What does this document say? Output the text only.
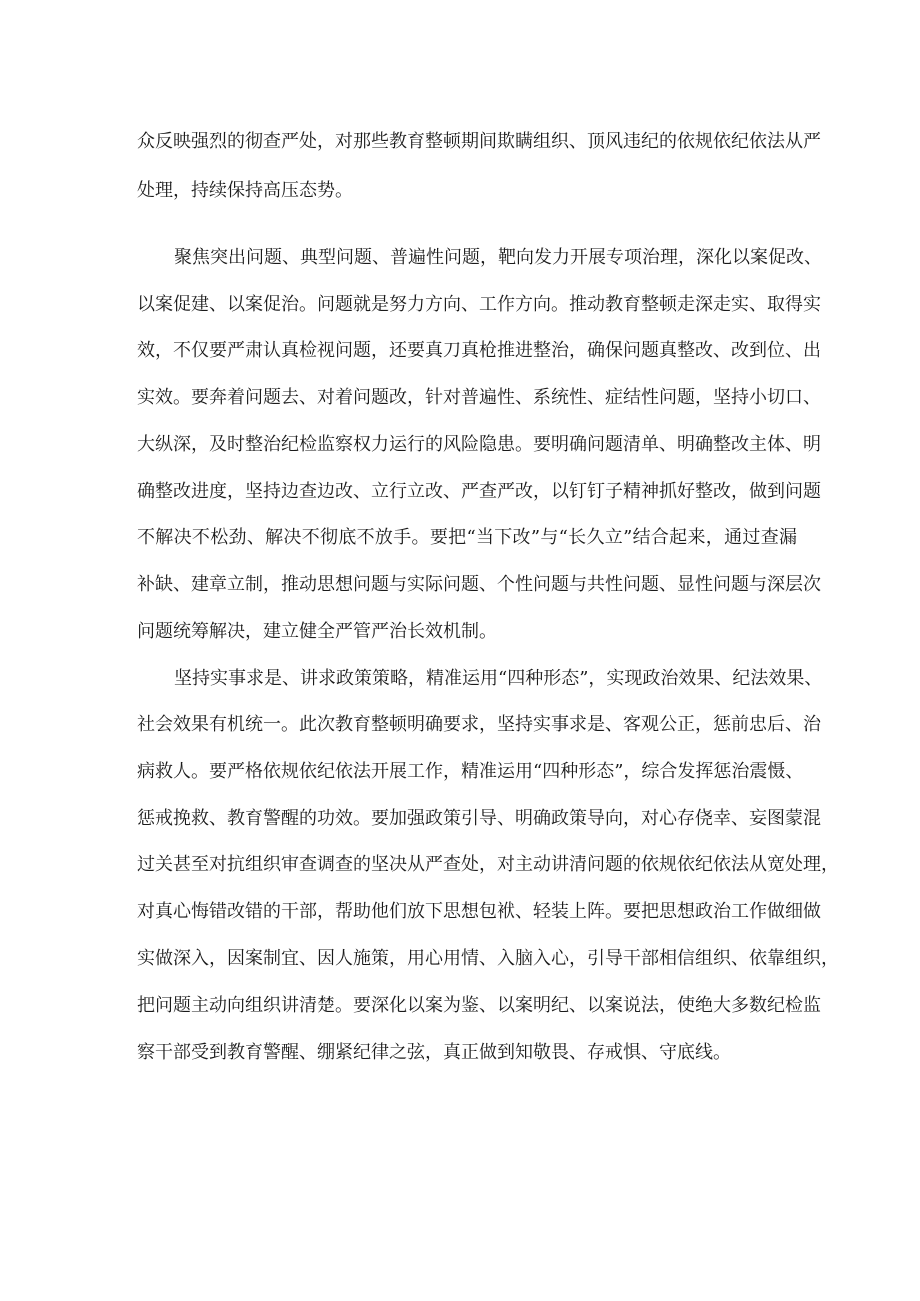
众反映强烈的彻查严处，对那些教育整顿期间欺瞒组织、顶风违纪的依规依纪依法从严
处理，持续保持高压态势。
聚焦突出问题、典型问题、普遍性问题，靶向发力开展专项治理，深化以案促改、
以案促建、以案促治。问题就是努力方向、工作方向。推动教育整顿走深走实、取得实
效，不仅要严肃认真检视问题，还要真刀真枪推进整治，确保问题真整改、改到位、出
实效。要奔着问题去、对着问题改，针对普遍性、系统性、症结性问题，坚持小切口、
大纵深，及时整治纪检监察权力运行的风险隐患。要明确问题清单、明确整改主体、明
确整改进度，坚持边查边改、立行立改、严查严改，以钉钉子精神抓好整改，做到问题
不解决不松劲、解决不彻底不放手。要把“当下改”与“长久立”结合起来，通过查漏
补缺、建章立制，推动思想问题与实际问题、个性问题与共性问题、显性问题与深层次
问题统筹解决，建立健全严管严治长效机制。
坚持实事求是、讲求政策策略，精准运用“四种形态”，实现政治效果、纪法效果、
社会效果有机统一。此次教育整顿明确要求，坚持实事求是、客观公正，惩前忠后、治
病救人。要严格依规依纪依法开展工作，精准运用“四种形态”，综合发挥惩治震慑、
惩戒挽救、教育警醒的功效。要加强政策引导、明确政策导向，对心存侥幸、妄图蒙混
过关甚至对抗组织审查调查的坚决从严查处，对主动讲清问题的依规依纪依法从宽处理，
对真心悔错改错的干部，帮助他们放下思想包袱、轻装上阵。要把思想政治工作做细做
实做深入，因案制宜、因人施策，用心用情、入脑入心，引导干部相信组织、依靠组织，
把问题主动向组织讲清楚。要深化以案为鉴、以案明纪、以案说法，使绝大多数纪检监
察干部受到教育警醒、绷紧纪律之弦，真正做到知敬畏、存戒惧、守底线。
